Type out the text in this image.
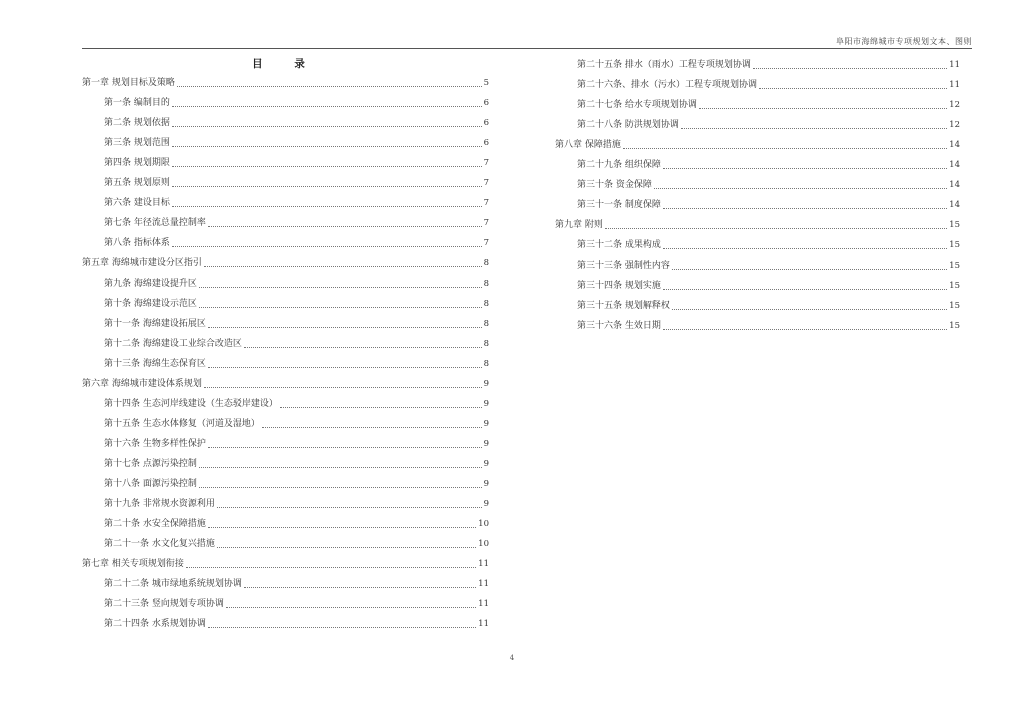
阜阳市海绵城市专项规划文本、图则
目 录
第一章 规划目标及策略	5
第一条 编制目的	6
第二条 规划依据	6
第三条 规划范围	6
第四条 规划期限	7
第五条 规划原则	7
第六条 建设目标	7
第七条 年径流总量控制率	7
第八条 指标体系	7
第五章 海绵城市建设分区指引	8
第九条 海绵建设提升区	8
第十条 海绵建设示范区	8
第十一条 海绵建设拓展区	8
第十二条 海绵建设工业综合改造区	8
第十三条 海绵生态保育区	8
第六章 海绵城市建设体系规划	9
第十四条 生态河岸线建设（生态驳岸建设）	9
第十五条 生态水体修复（河道及湿地）	9
第十六条 生物多样性保护	9
第十七条 点源污染控制	9
第十八条 面源污染控制	9
第十九条 非常规水资源利用	9
第二十条 水安全保障措施	10
第二十一条 水文化复兴措施	10
第七章 相关专项规划衔接	11
第二十二条 城市绿地系统规划协调	11
第二十三条 竖向规划专项协调	11
第二十四条 水系规划协调	11
第二十五条 排水（雨水）工程专项规划协调	11
第二十六条、排水（污水）工程专项规划协调	11
第二十七条 给水专项规划协调	12
第二十八条 防洪规划协调	12
第八章 保障措施	14
第二十九条 组织保障	14
第三十条 资金保障	14
第三十一条 制度保障	14
第九章 附则	15
第三十二条 成果构成	15
第三十三条 强制性内容	15
第三十四条 规划实施	15
第三十五条 规划解释权	15
第三十六条 生效日期	15
4
